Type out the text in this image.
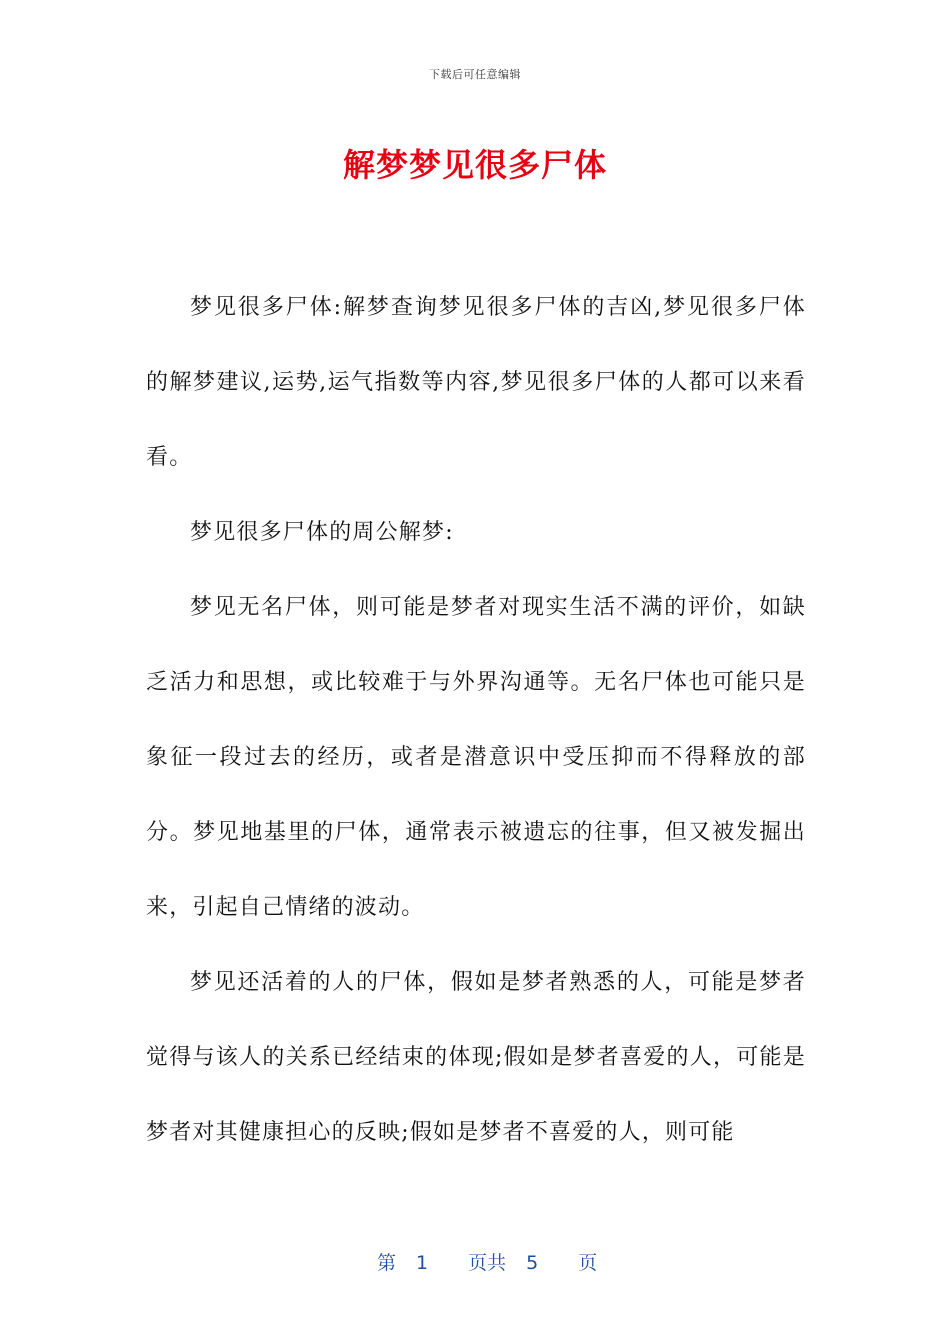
下载后可任意编辑
解梦梦见很多尸体

梦见很多尸体:解梦查询梦见很多尸体的吉凶,梦见很多尸体的解梦建议,运势,运气指数等内容,梦见很多尸体的人都可以来看看。

梦见很多尸体的周公解梦:

梦见无名尸体，则可能是梦者对现实生活不满的评价，如缺乏活力和思想，或比较难于与外界沟通等。无名尸体也可能只是象征一段过去的经历，或者是潜意识中受压抑而不得释放的部分。梦见地基里的尸体，通常表示被遗忘的往事，但又被发掘出来，引起自己情绪的波动。

梦见还活着的人的尸体，假如是梦者熟悉的人，可能是梦者觉得与该人的关系已经结束的体现;假如是梦者喜爱的人，可能是梦者对其健康担心的反映;假如是梦者不喜爱的人，则可能

第 1 页共 5 页
